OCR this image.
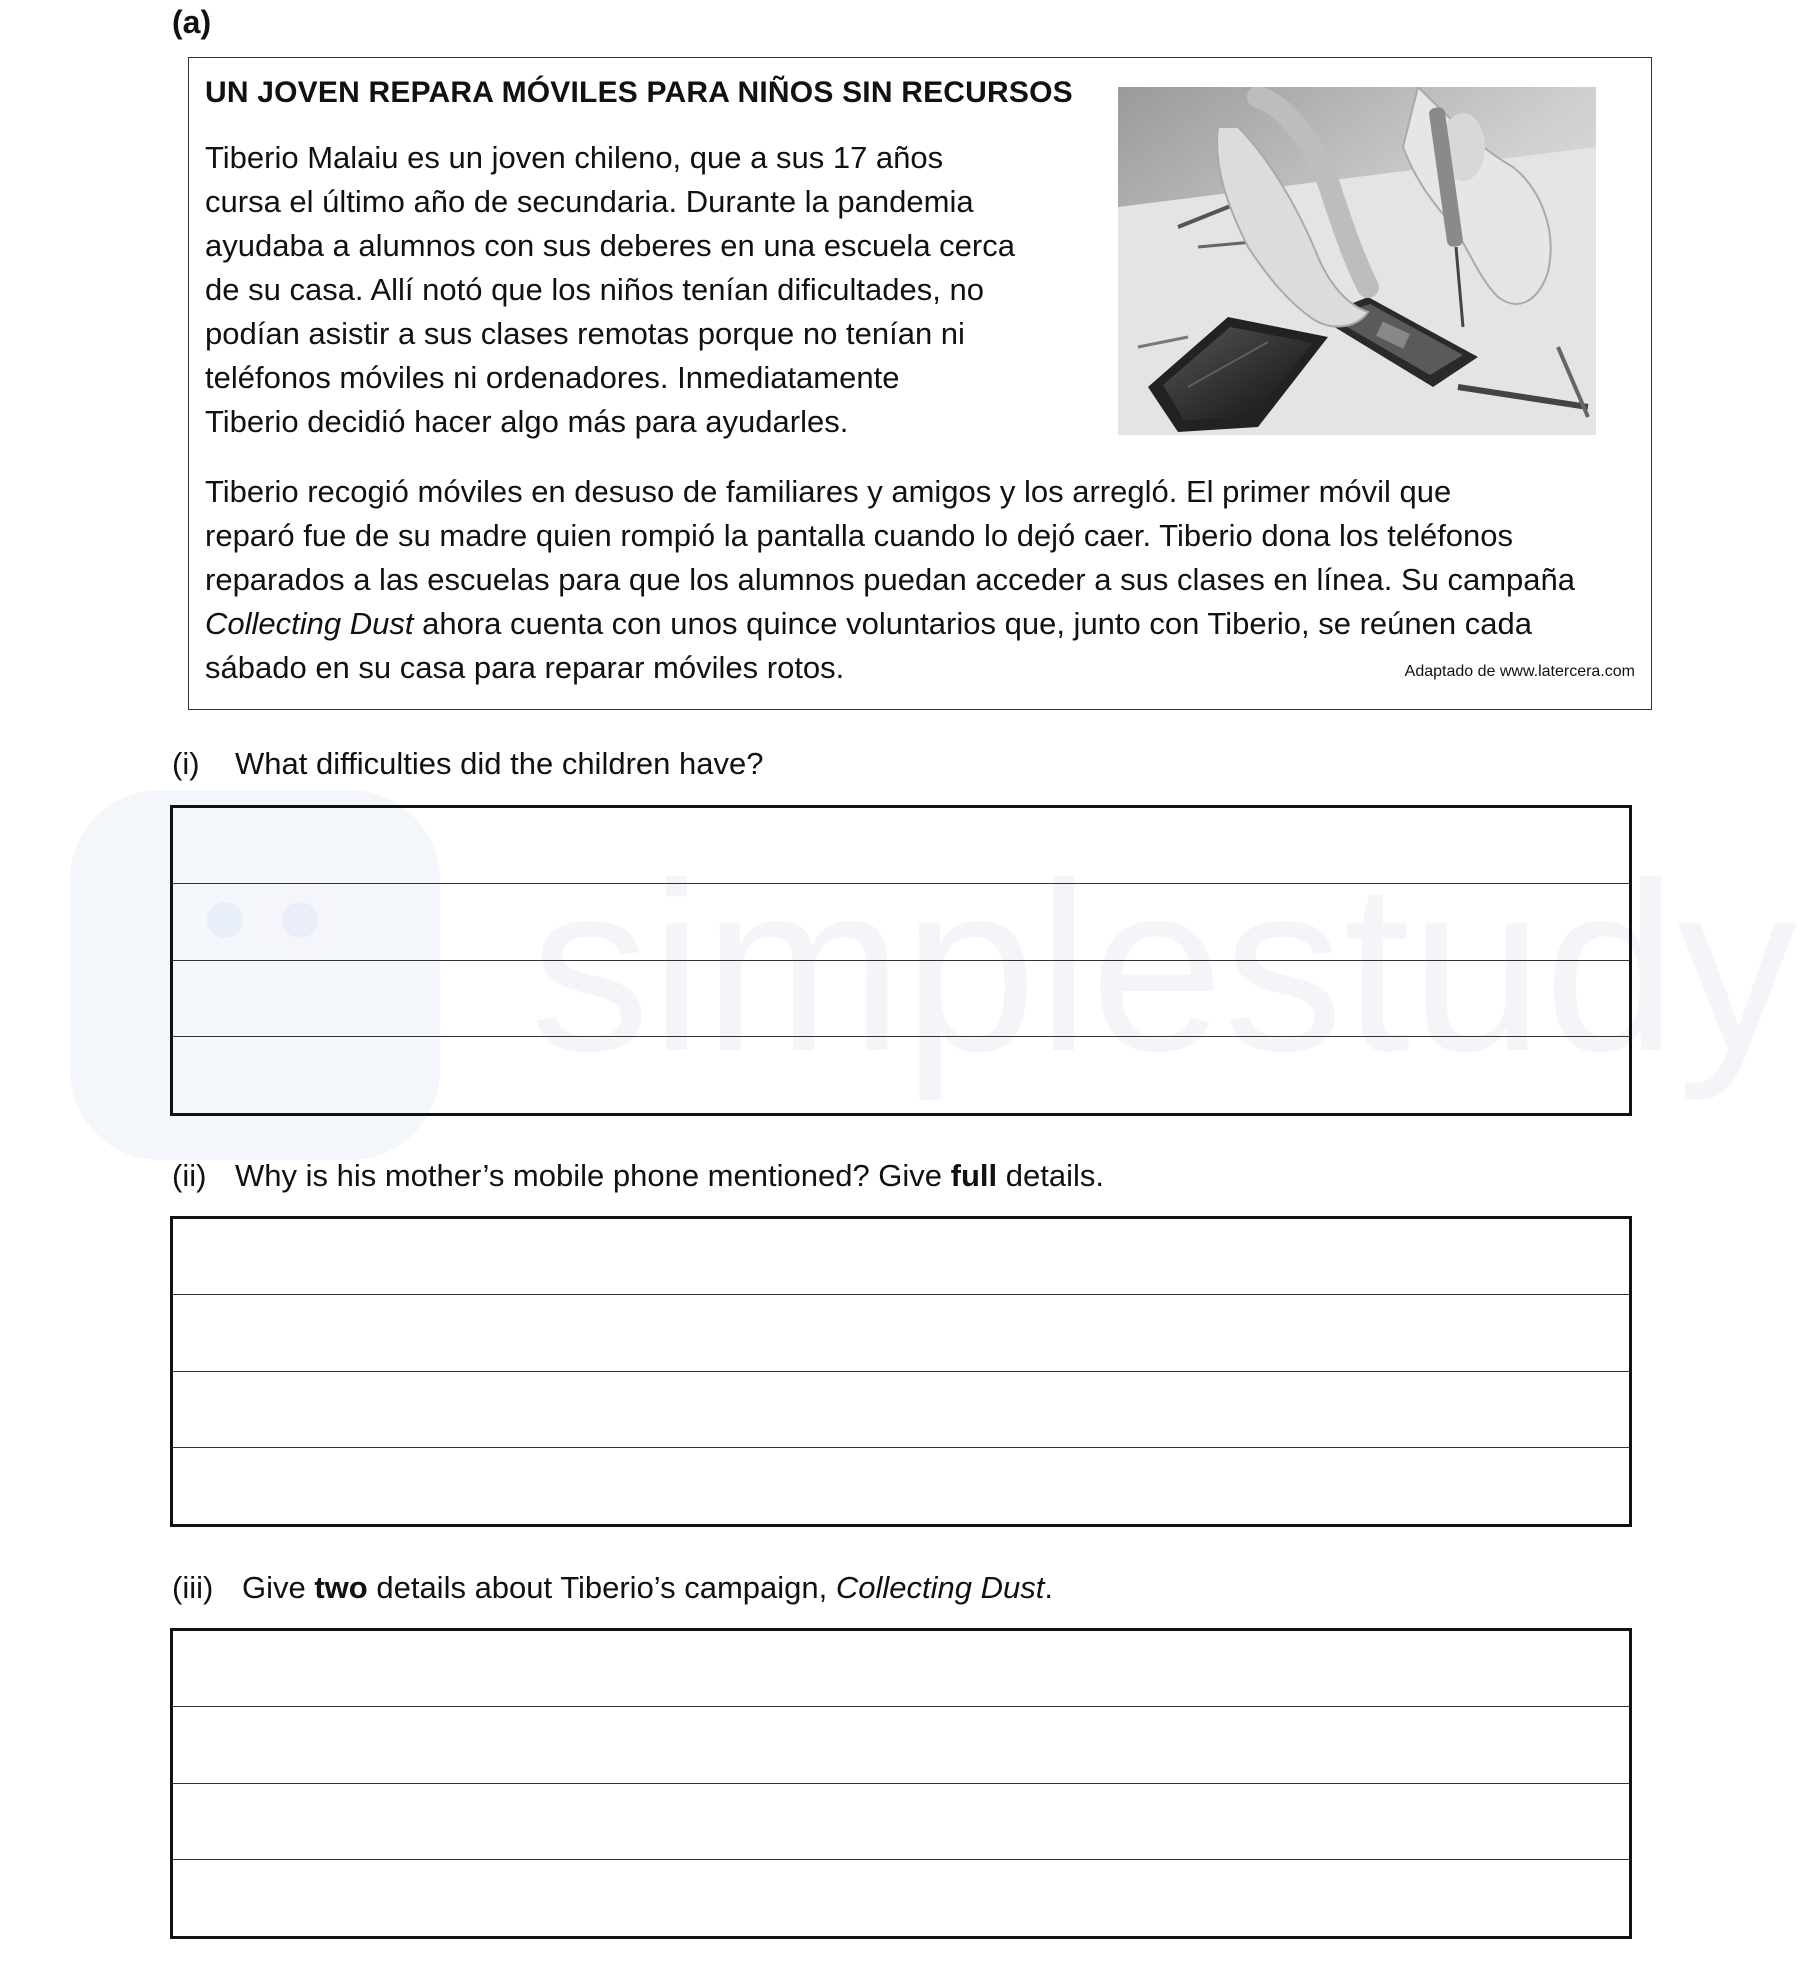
simplestudy
(a)
UN JOVEN REPARA MÓVILES PARA NIÑOS SIN RECURSOS
Tiberio Malaiu es un joven chileno, que a sus 17 años
cursa el último año de secundaria. Durante la pandemia
ayudaba a alumnos con sus deberes en una escuela cerca
de su casa. Allí notó que los niños tenían dificultades, no
podían asistir a sus clases remotas porque no tenían ni
teléfonos móviles ni ordenadores. Inmediatamente
Tiberio decidió hacer algo más para ayudarles.
Tiberio recogió móviles en desuso de familiares y amigos y los arregló. El primer móvil que
reparó fue de su madre quien rompió la pantalla cuando lo dejó caer. Tiberio dona los teléfonos
reparados a las escuelas para que los alumnos puedan acceder a sus clases en línea. Su campaña
Collecting Dust ahora cuenta con unos quince voluntarios que, junto con Tiberio, se reúnen cada
sábado en su casa para reparar móviles rotos.	Adaptado de www.latercera.com
(i) What difficulties did the children have?
(ii) Why is his mother’s mobile phone mentioned? Give full details.
(iii) Give two details about Tiberio’s campaign, Collecting Dust.
